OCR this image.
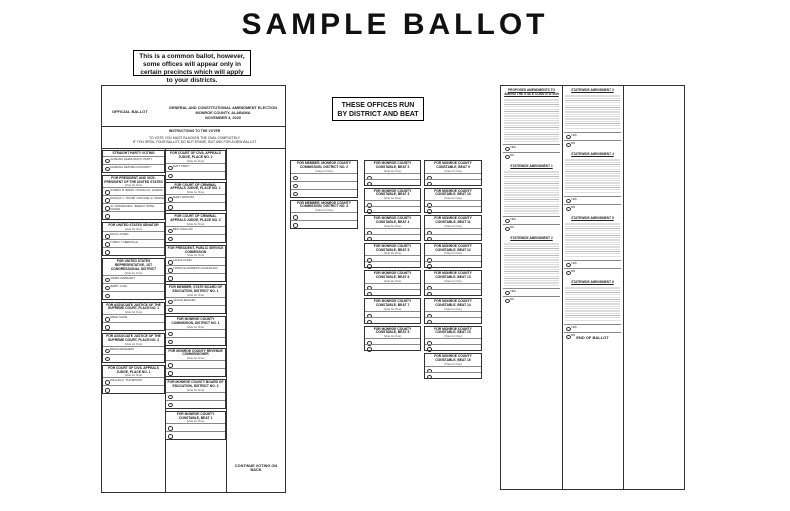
SAMPLE BALLOT
This is a common ballot, however, some offices will appear only in certain precincts which will apply to your districts.
THESE OFFICES RUN BY DISTRICT AND BEAT
OFFICIAL BALLOT
GENERAL AND CONSTITUTIONAL AMENDMENT ELECTION
MONROE COUNTY, ALABAMA
NOVEMBER 3, 2020
INSTRUCTIONS TO THE VOTER
TO VOTE YOU MUST BLACKEN THE OVAL COMPLETELY
IF YOU SPOIL YOUR BALLOT, DO NOT ERASE, BUT ASK FOR A NEW BALLOT
STRAIGHT PARTY VOTING
ALABAMA DEMOCRATIC PARTY
ALABAMA REPUBLICAN PARTY
FOR PRESIDENT AND VICE-PRESIDENT OF THE UNITED STATES
(Vote for One)
JOSEPH R. BIDEN / KAMALA D. HARRIS
DONALD J. TRUMP / MICHAEL R. PENCE
JO JORGENSEN / JEREMY SPIKE COHEN
FOR UNITED STATES SENATOR
(Vote for One)
DOUG JONES
TOMMY TUBERVILLE
FOR UNITED STATES REPRESENTATIVE, 1ST CONGRESSIONAL DISTRICT
(Vote for One)
JAMES AVERHART
JERRY CARL
FOR ASSOCIATE JUSTICE OF THE SUPREME COURT, PLACE NO. 1
(Vote for One)
GREG SHAW
FOR ASSOCIATE JUSTICE OF THE SUPREME COURT, PLACE NO. 2
(Vote for One)
BRAD MENDHEIM
FOR COURT OF CIVIL APPEALS JUDGE, PLACE NO. 1
(Vote for One)
WILLIAM C. THOMPSON
FOR COURT OF CIVIL APPEALS JUDGE, PLACE NO. 2
(Vote for One)
MATT FRIDY
FOR COURT OF CRIMINAL APPEALS JUDGE, PLACE NO. 1
(Vote for One)
MARY WINDOM
FOR COURT OF CRIMINAL APPEALS JUDGE, PLACE NO. 2
(Vote for One)
BETH KELLUM
FOR PRESIDENT, PUBLIC SERVICE COMMISSION
(Vote for One)
LAURA CASEY
TWINKLE ANDRESS CAVANAUGH
FOR MEMBER, STATE BOARD OF EDUCATION, DISTRICT NO. 1
(Vote for One)
JACKIE ZEIGLER
FOR MONROE COUNTY COMMISSION, DISTRICT NO. 1
(Vote for One)
FOR MONROE COUNTY REVENUE COMMISSIONER
(Vote for One)
FOR MONROE COUNTY BOARD OF EDUCATION, DISTRICT NO. 3
(Vote for One)
FOR MONROE COUNTY CONSTABLE, BEAT 1
(Vote for One)
CONTINUE VOTING ON BACK
FOR MEMBER, MONROE COUNTY COMMISSION, DISTRICT NO. 2
(Vote for One)
FOR MEMBER, MONROE COUNTY COMMISSION, DISTRICT NO. 3
(Vote for One)
FOR MONROE COUNTY CONSTABLE, BEAT 2
(Vote for One)
FOR MONROE COUNTY CONSTABLE, BEAT 3
(Vote for One)
FOR MONROE COUNTY CONSTABLE, BEAT 4
(Vote for One)
FOR MONROE COUNTY CONSTABLE, BEAT 5
(Vote for One)
FOR MONROE COUNTY CONSTABLE, BEAT 6
(Vote for One)
FOR MONROE COUNTY CONSTABLE, BEAT 7
(Vote for One)
FOR MONROE COUNTY CONSTABLE, BEAT 8
(Vote for One)
FOR MONROE COUNTY CONSTABLE, BEAT 9
(Vote for One)
FOR MONROE COUNTY CONSTABLE, BEAT 10
(Vote for One)
FOR MONROE COUNTY CONSTABLE, BEAT 11
(Vote for One)
FOR MONROE COUNTY CONSTABLE, BEAT 12
(Vote for One)
FOR MONROE COUNTY CONSTABLE, BEAT 13
(Vote for One)
FOR MONROE COUNTY CONSTABLE, BEAT 14
(Vote for One)
FOR MONROE COUNTY CONSTABLE, BEAT 15
(Vote for One)
FOR MONROE COUNTY CONSTABLE, BEAT 16
(Vote for One)
PROPOSED AMENDMENTS TO AMEND THE STATE CONSTITUTION
YES
NO
STATEWIDE AMENDMENT 1
YES
NO
STATEWIDE AMENDMENT 2
YES
NO
STATEWIDE AMENDMENT 3
YES
NO
STATEWIDE AMENDMENT 4
YES
NO
STATEWIDE AMENDMENT 5
YES
NO
STATEWIDE AMENDMENT 6
YES
NO END OF BALLOT
